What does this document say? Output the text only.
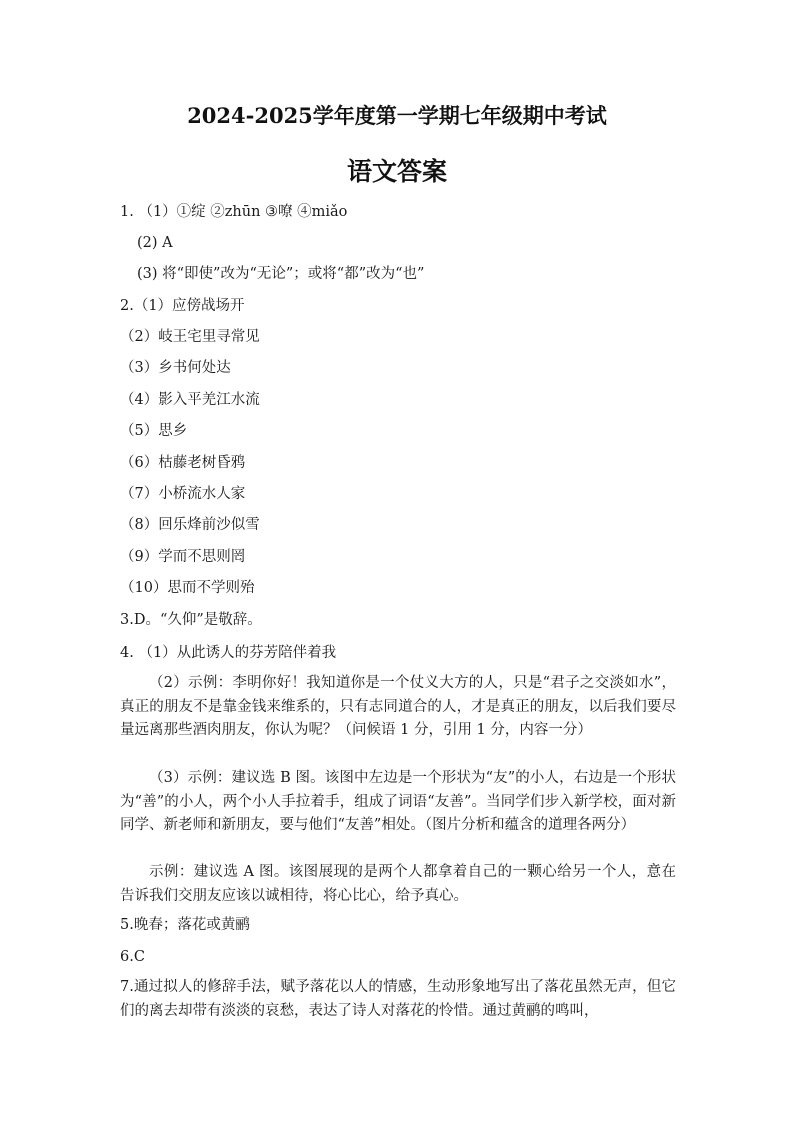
2024-2025学年度第一学期七年级期中考试
语文答案
1. （1）①绽 ②zhūn ③嘹 ④miǎo
(2) A
(3) 将“即使”改为“无论”；或将“都”改为“也”
2.（1）应傍战场开
（2）岐王宅里寻常见
（3）乡书何处达
（4）影入平羌江水流
（5）思乡
（6）枯藤老树昏鸦
（7）小桥流水人家
（8）回乐烽前沙似雪
（9）学而不思则罔
（10）思而不学则殆
3.D。“久仰”是敬辞。
4. （1）从此诱人的芬芳陪伴着我
（2）示例：李明你好！我知道你是一个仗义大方的人，只是“君子之交淡如水”，真正的朋友不是靠金钱来维系的，只有志同道合的人，才是真正的朋友，以后我们要尽量远离那些酒肉朋友，你认为呢？（问候语 1 分，引用 1 分，内容一分）
（3）示例：建议选 B 图。该图中左边是一个形状为“友”的小人，右边是一个形状为“善”的小人，两个小人手拉着手，组成了词语“友善”。当同学们步入新学校，面对新同学、新老师和新朋友，要与他们“友善”相处。（图片分析和蕴含的道理各两分）
示例：建议选 A 图。该图展现的是两个人都拿着自己的一颗心给另一个人，意在告诉我们交朋友应该以诚相待，将心比心，给予真心。
5.晚春；落花或黄鹂
6.C
7.通过拟人的修辞手法，赋予落花以人的情感，生动形象地写出了落花虽然无声，但它们的离去却带有淡淡的哀愁，表达了诗人对落花的怜惜。通过黄鹂的鸣叫，
